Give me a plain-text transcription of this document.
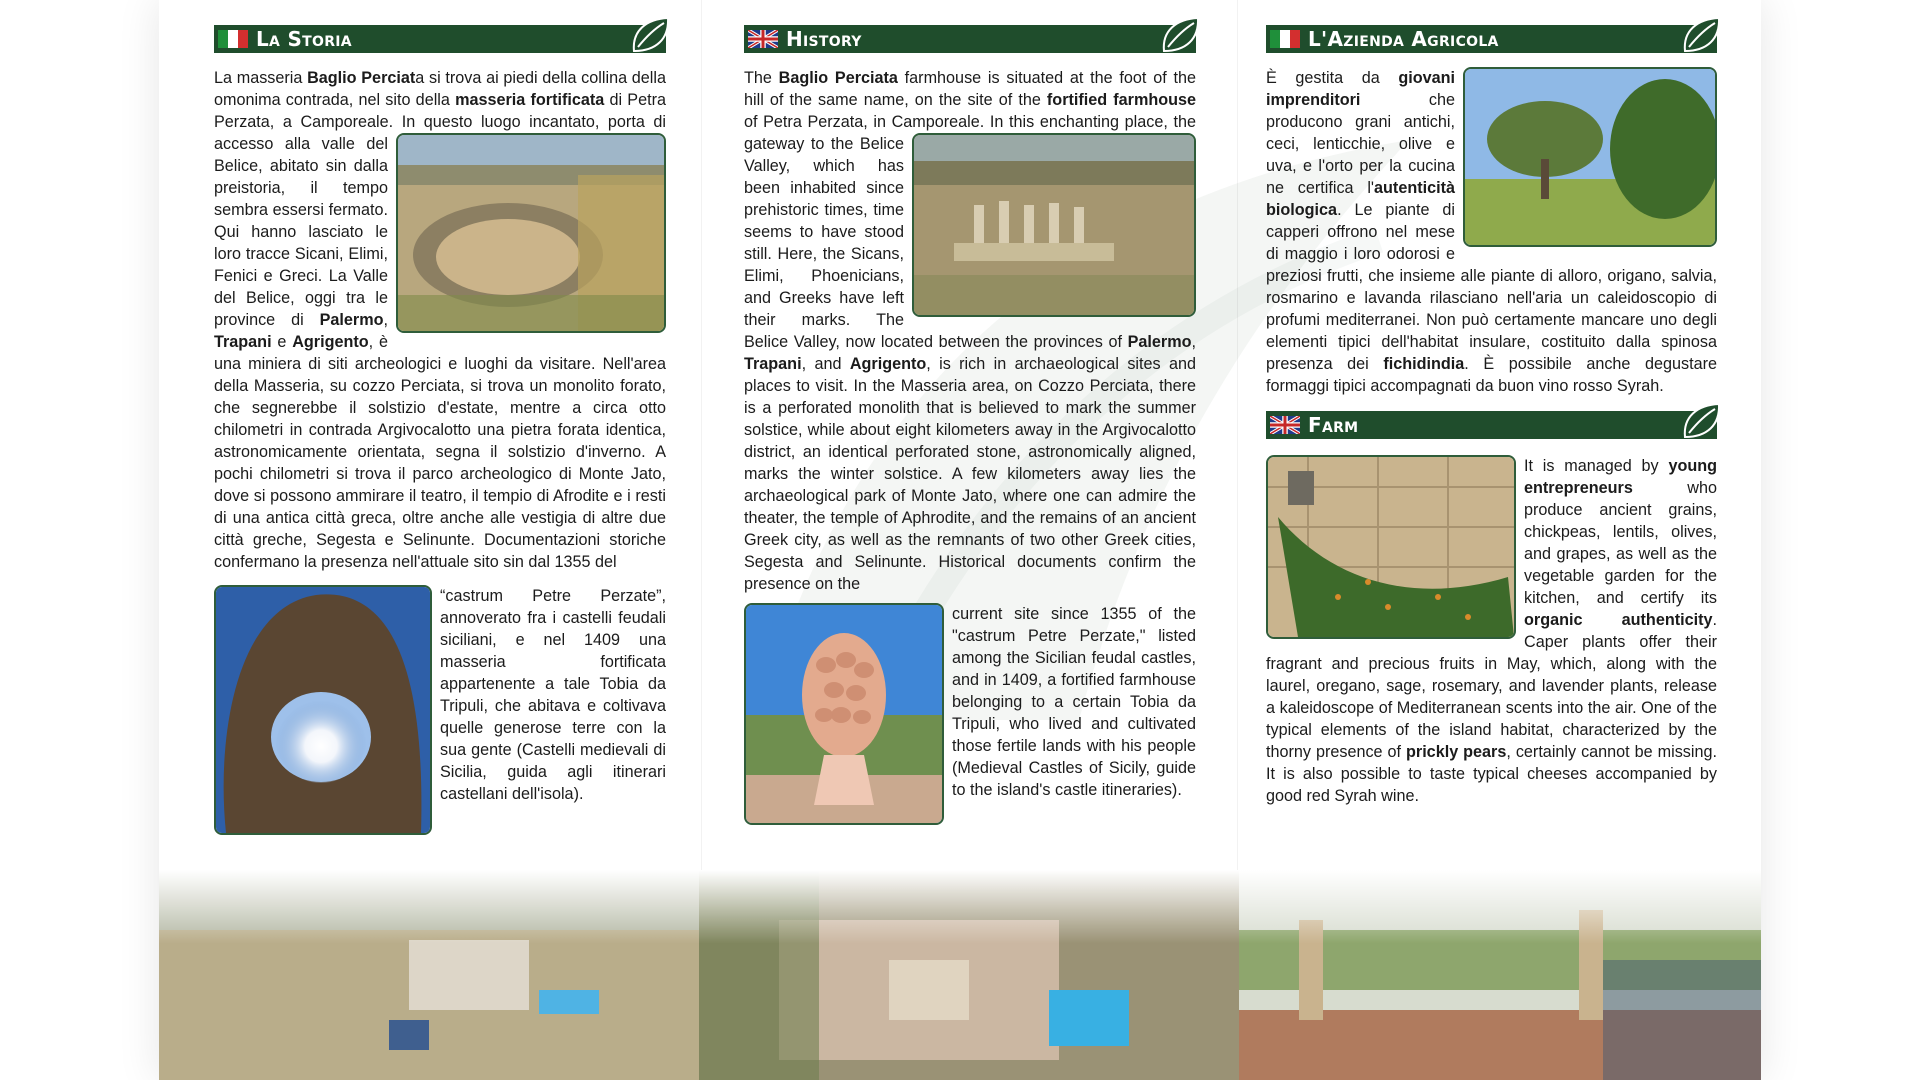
La Storia

La masseria Baglio Perciata si trova ai piedi della collina della omonima contrada, nel sito della masseria fortificata di Petra Perzata, a Camporeale. In questo luogo incantato, porta di accesso alla valle del Belice, abitato sin dalla preistoria, il tempo sembra essersi fermato. Qui hanno lasciato le loro tracce Sicani, Elimi, Fenici e Greci. La Valle del Belice, oggi tra le province di Palermo, Trapani e Agrigento, è una miniera di siti archeologici e luoghi da visitare. Nell'area della Masseria, su cozzo Perciata, si trova un monolito forato, che segnerebbe il solstizio d'estate, mentre a circa otto chilometri in contrada Argivocalotto una pietra forata identica, astronomicamente orientata, segna il solstizio d'inverno. A pochi chilometri si trova il parco archeologico di Monte Jato, dove si possono ammirare il teatro, il tempio di Afrodite e i resti di una antica città greca, oltre anche alle vestigia di altre due città greche, Segesta e Selinunte. Documentazioni storiche confermano la presenza nell'attuale sito sin dal 1355 del

“castrum Petre Perzate”, annoverato fra i castelli feudali siciliani, e nel 1409 una masseria fortificata appartenente a tale Tobia da Tripuli, che abitava e coltivava quelle generose terre con la sua gente (Castelli medievali di Sicilia, guida agli itinerari castellani dell'isola).

History

The Baglio Perciata farmhouse is situated at the foot of the hill of the same name, on the site of the fortified farmhouse of Petra Perzata, in Camporeale. In this enchanting place, the gateway to the Belice Valley, which has been inhabited since prehistoric times, time seems to have stood still. Here, the Sicans, Elimi, Phoenicians, and Greeks have left their marks. The Belice Valley, now located between the provinces of Palermo, Trapani, and Agrigento, is rich in archaeological sites and places to visit. In the Masseria area, on Cozzo Perciata, there is a perforated monolith that is believed to mark the summer solstice, while about eight kilometers away in the Argivocalotto district, an identical perforated stone, astronomically aligned, marks the winter solstice. A few kilometers away lies the archaeological park of Monte Jato, where one can admire the theater, the temple of Aphrodite, and the remains of an ancient Greek city, as well as the remnants of two other Greek cities, Segesta and Selinunte. Historical documents confirm the presence on the

current site since 1355 of the "castrum Petre Perzate," listed among the Sicilian feudal castles, and in 1409, a fortified farmhouse belonging to a certain Tobia da Tripuli, who lived and cultivated those fertile lands with his people (Medieval Castles of Sicily, guide to the island's castle itineraries).

L'Azienda Agricola

È gestita da giovani imprenditori che producono grani antichi, ceci, lenticchie, olive e uva, e l'orto per la cucina ne certifica l'autenticità biologica. Le piante di capperi offrono nel mese di maggio i loro odorosi e preziosi frutti, che insieme alle piante di alloro, origano, salvia, rosmarino e lavanda rilasciano nell'aria un caleidoscopio di profumi mediterranei. Non può certamente mancare uno degli elementi tipici dell'habitat insulare, costituito dalla spinosa presenza dei fichidindia. È possibile anche degustare formaggi tipici accompagnati da buon vino rosso Syrah.

Farm

It is managed by young entrepreneurs who produce ancient grains, chickpeas, lentils, olives, and grapes, as well as the vegetable garden for the kitchen, and certify its organic authenticity. Caper plants offer their fragrant and precious fruits in May, which, along with the laurel, oregano, sage, rosemary, and lavender plants, release a kaleidoscope of Mediterranean scents into the air. One of the typical elements of the island habitat, characterized by the thorny presence of prickly pears, certainly cannot be missing. It is also possible to taste typical cheeses accompanied by good red Syrah wine.
